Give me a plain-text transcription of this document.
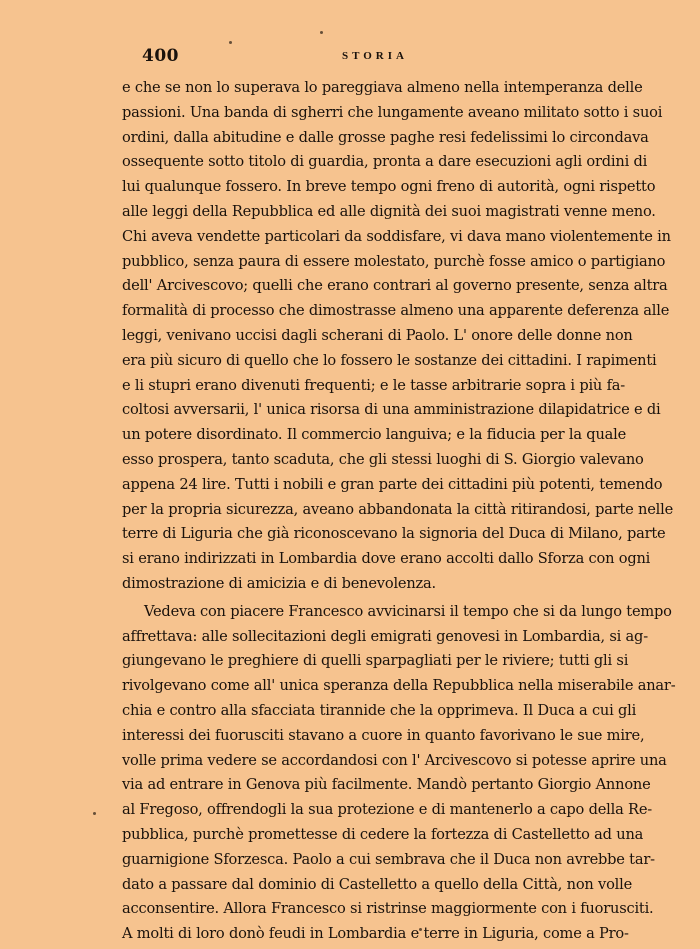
400	STORIA
e che se non lo superava lo pareggiava almeno nella intemperanza delle
passioni. Una banda di sgherri che lungamente aveano militato sotto i suoi
ordini, dalla abitudine e dalle grosse paghe resi fedelissimi lo circondava
ossequente sotto titolo di guardia, pronta a dare esecuzioni agli ordini di
lui qualunque fossero. In breve tempo ogni freno di autorità, ogni rispetto
alle leggi della Repubblica ed alle dignità dei suoi magistrati venne meno.
Chi aveva vendette particolari da soddisfare, vi dava mano violentemente in
pubblico, senza paura di essere molestato, purchè fosse amico o partigiano
dell' Arcivescovo; quelli che erano contrari al governo presente, senza altra
formalità di processo che dimostrasse almeno una apparente deferenza alle
leggi, venivano uccisi dagli scherani di Paolo. L' onore delle donne non
era più sicuro di quello che lo fossero le sostanze dei cittadini. I rapimenti
e li stupri erano divenuti frequenti; e le tasse arbitrarie sopra i più fa-
coltosi avversarii, l' unica risorsa di una amministrazione dilapidatrice e di
un potere disordinato. Il commercio languiva; e la fiducia per la quale
esso prospera, tanto scaduta, che gli stessi luoghi di S. Giorgio valevano
appena 24 lire. Tutti i nobili e gran parte dei cittadini più potenti, temendo
per la propria sicurezza, aveano abbandonata la città ritirandosi, parte nelle
terre di Liguria che già riconoscevano la signoria del Duca di Milano, parte
si erano indirizzati in Lombardia dove erano accolti dallo Sforza con ogni
dimostrazione di amicizia e di benevolenza.
Vedeva con piacere Francesco avvicinarsi il tempo che si da lungo tempo
affrettava: alle sollecitazioni degli emigrati genovesi in Lombardia, si ag-
giungevano le preghiere di quelli sparpagliati per le riviere; tutti gli si
rivolgevano come all' unica speranza della Repubblica nella miserabile anar-
chia e contro alla sfacciata tirannide che la opprimeva. Il Duca a cui gli
interessi dei fuorusciti stavano a cuore in quanto favorivano le sue mire,
volle prima vedere se accordandosi con l' Arcivescovo si potesse aprire una
via ad entrare in Genova più facilmente. Mandò pertanto Giorgio Annone
al Fregoso, offrendogli la sua protezione e di mantenerlo a capo della Re-
pubblica, purchè promettesse di cedere la fortezza di Castelletto ad una
guarnigione Sforzesca. Paolo a cui sembrava che il Duca non avrebbe tar-
dato a passare dal dominio di Castelletto a quello della Città, non volle
acconsentire. Allora Francesco si ristrinse maggiormente con i fuorusciti.
A molti di loro donò feudi in Lombardia e terre in Liguria, come a Pro-
